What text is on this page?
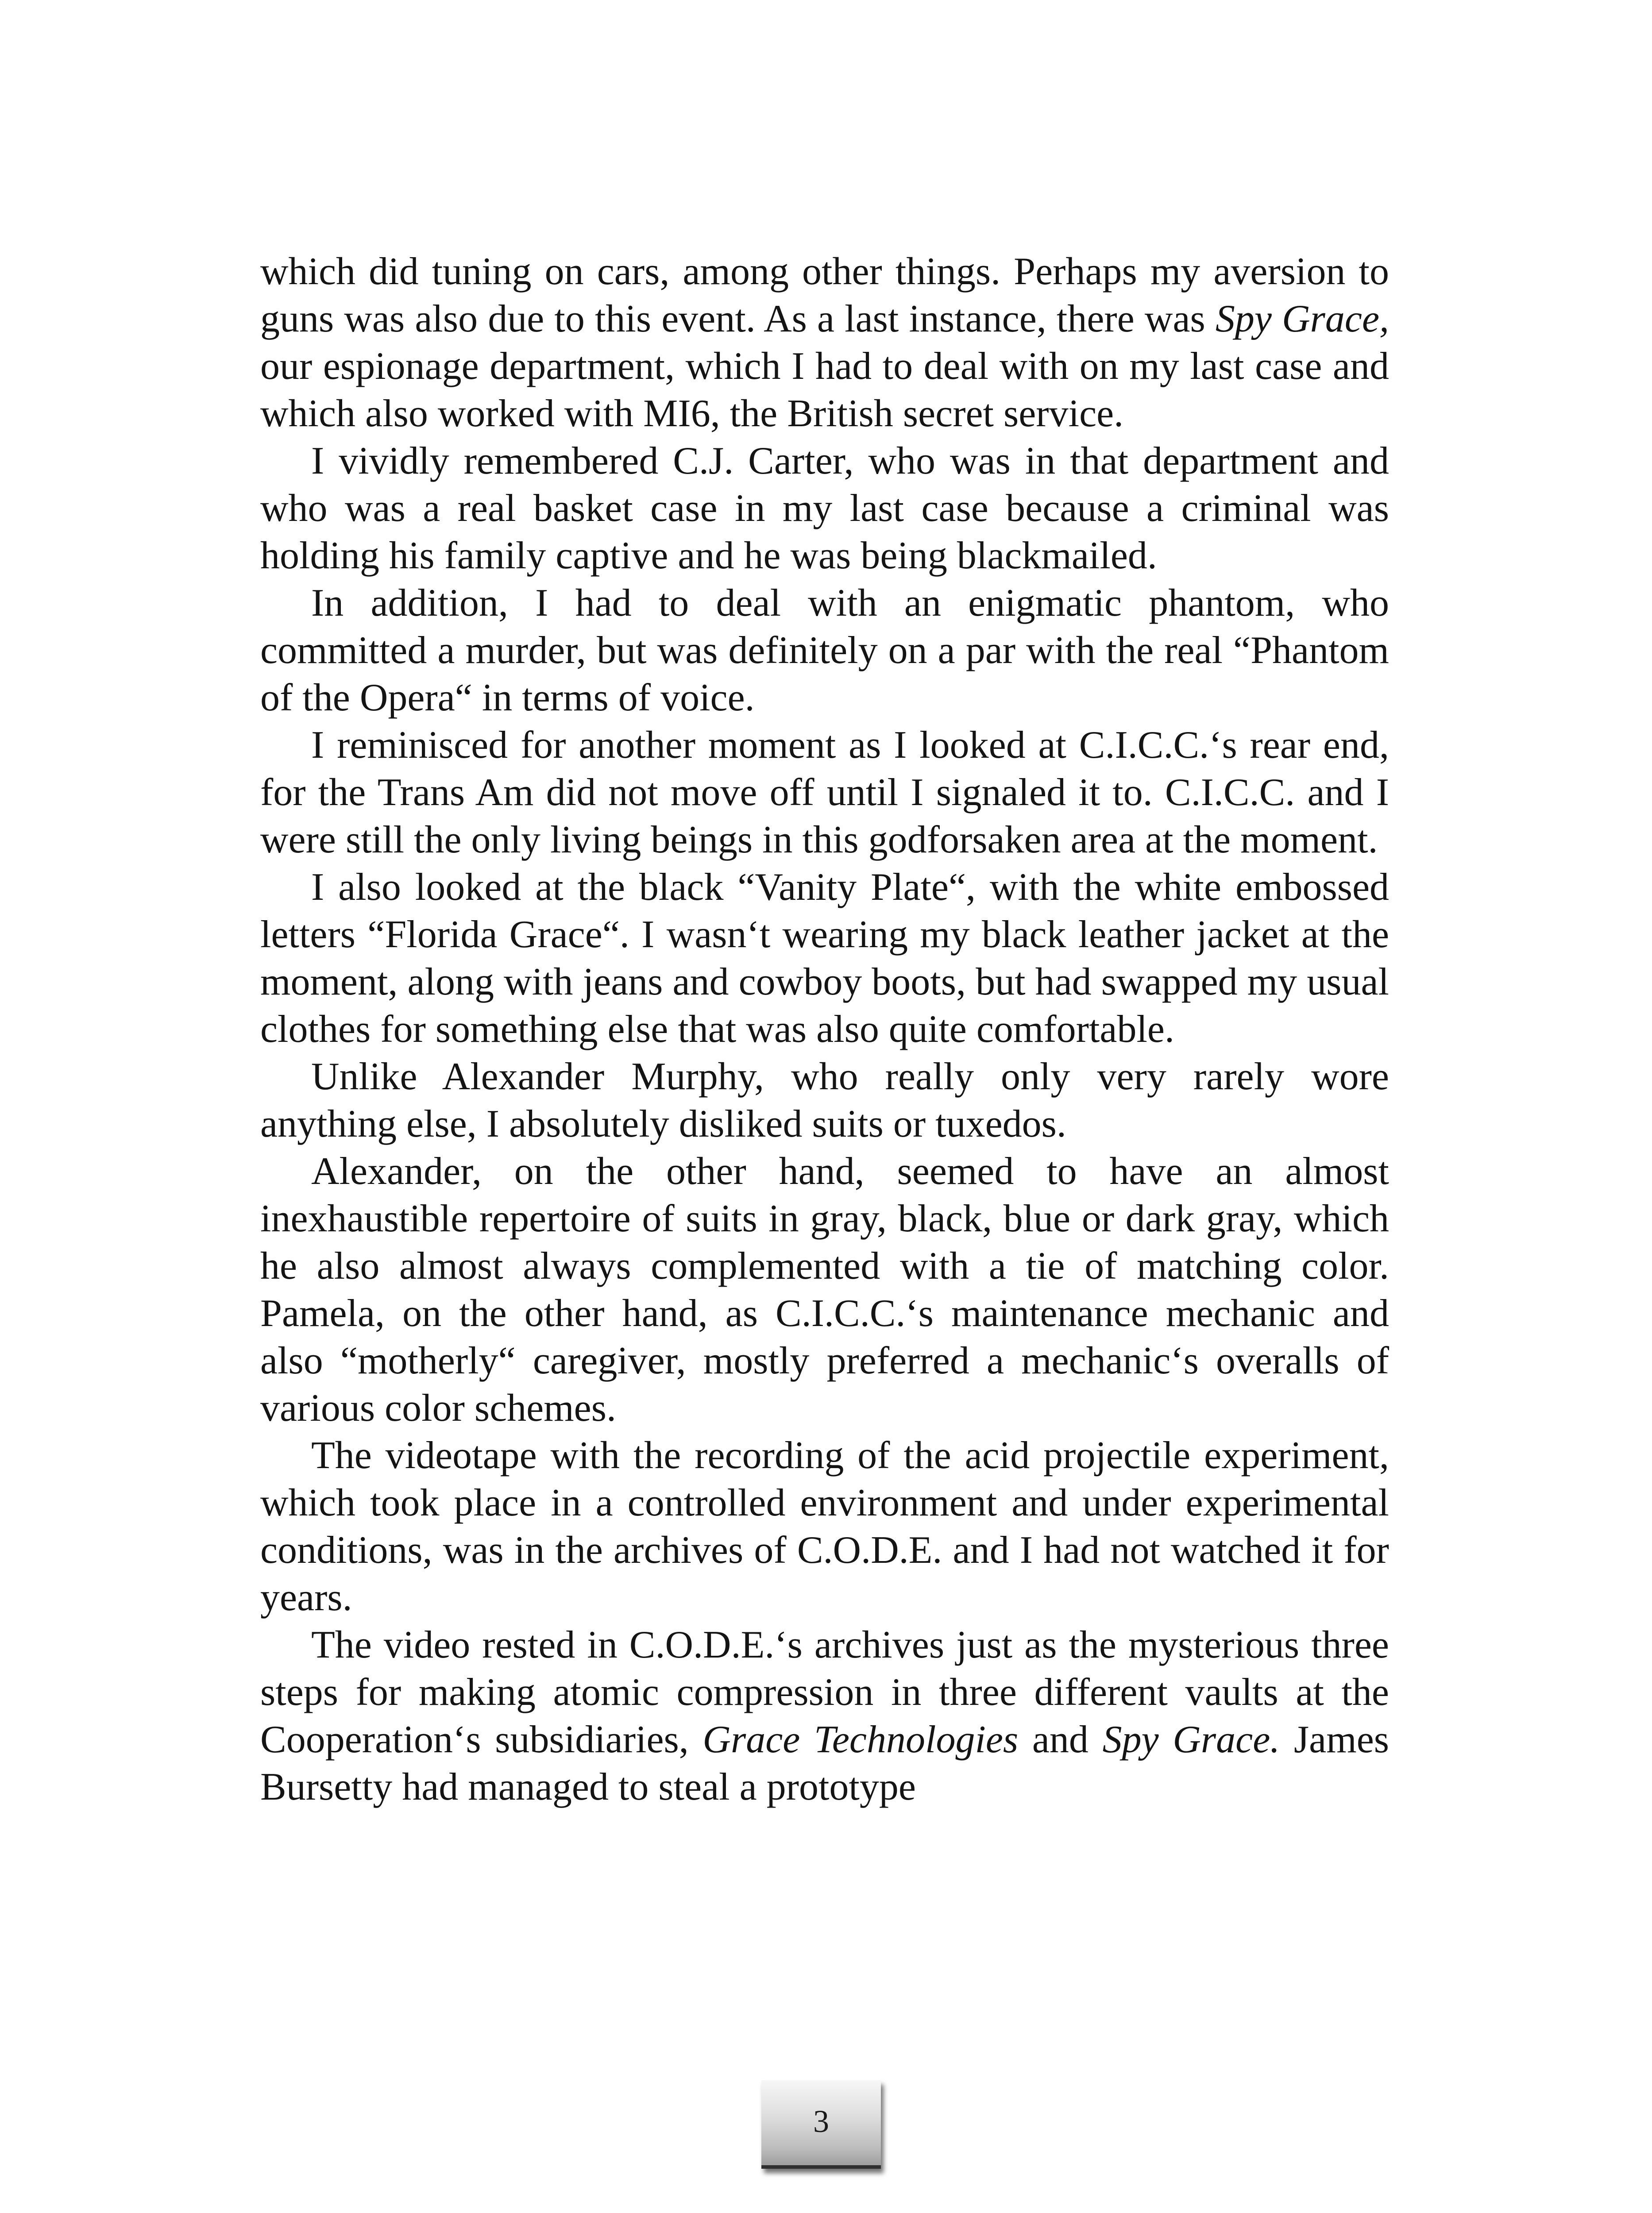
which did tuning on cars, among other things. Perhaps my aversion to guns was also due to this event. As a last instance, there was Spy Grace, our espionage department, which I had to deal with on my last case and which also worked with MI6, the British secret service.

I vividly remembered C.J. Carter, who was in that department and who was a real basket case in my last case because a criminal was holding his family captive and he was being blackmailed.

In addition, I had to deal with an enigmatic phantom, who committed a murder, but was definitely on a par with the real “Phantom of the Opera“ in terms of voice.

I reminisced for another moment as I looked at C.I.C.C.‘s rear end, for the Trans Am did not move off until I signaled it to. C.I.C.C. and I were still the only living beings in this godforsaken area at the moment.

I also looked at the black “Vanity Plate“, with the white embossed letters “Florida Grace“. I wasn‘t wearing my black leather jacket at the moment, along with jeans and cowboy boots, but had swapped my usual clothes for something else that was also quite comfortable.

Unlike Alexander Murphy, who really only very rarely wore anything else, I absolutely disliked suits or tuxedos.

Alexander, on the other hand, seemed to have an almost inexhaustible repertoire of suits in gray, black, blue or dark gray, which he also almost always complemented with a tie of matching color. Pamela, on the other hand, as C.I.C.C.‘s maintenance mechanic and also “motherly“ caregiver, mostly preferred a mechanic‘s overalls of various color schemes.

The videotape with the recording of the acid projectile experiment, which took place in a controlled environment and under experimental conditions, was in the archives of C.O.D.E. and I had not watched it for years.

The video rested in C.O.D.E.‘s archives just as the mysterious three steps for making atomic compression in three different vaults at the Cooperation‘s subsidiaries, Grace Technologies and Spy Grace. James Bursetty had managed to steal a prototype

3
